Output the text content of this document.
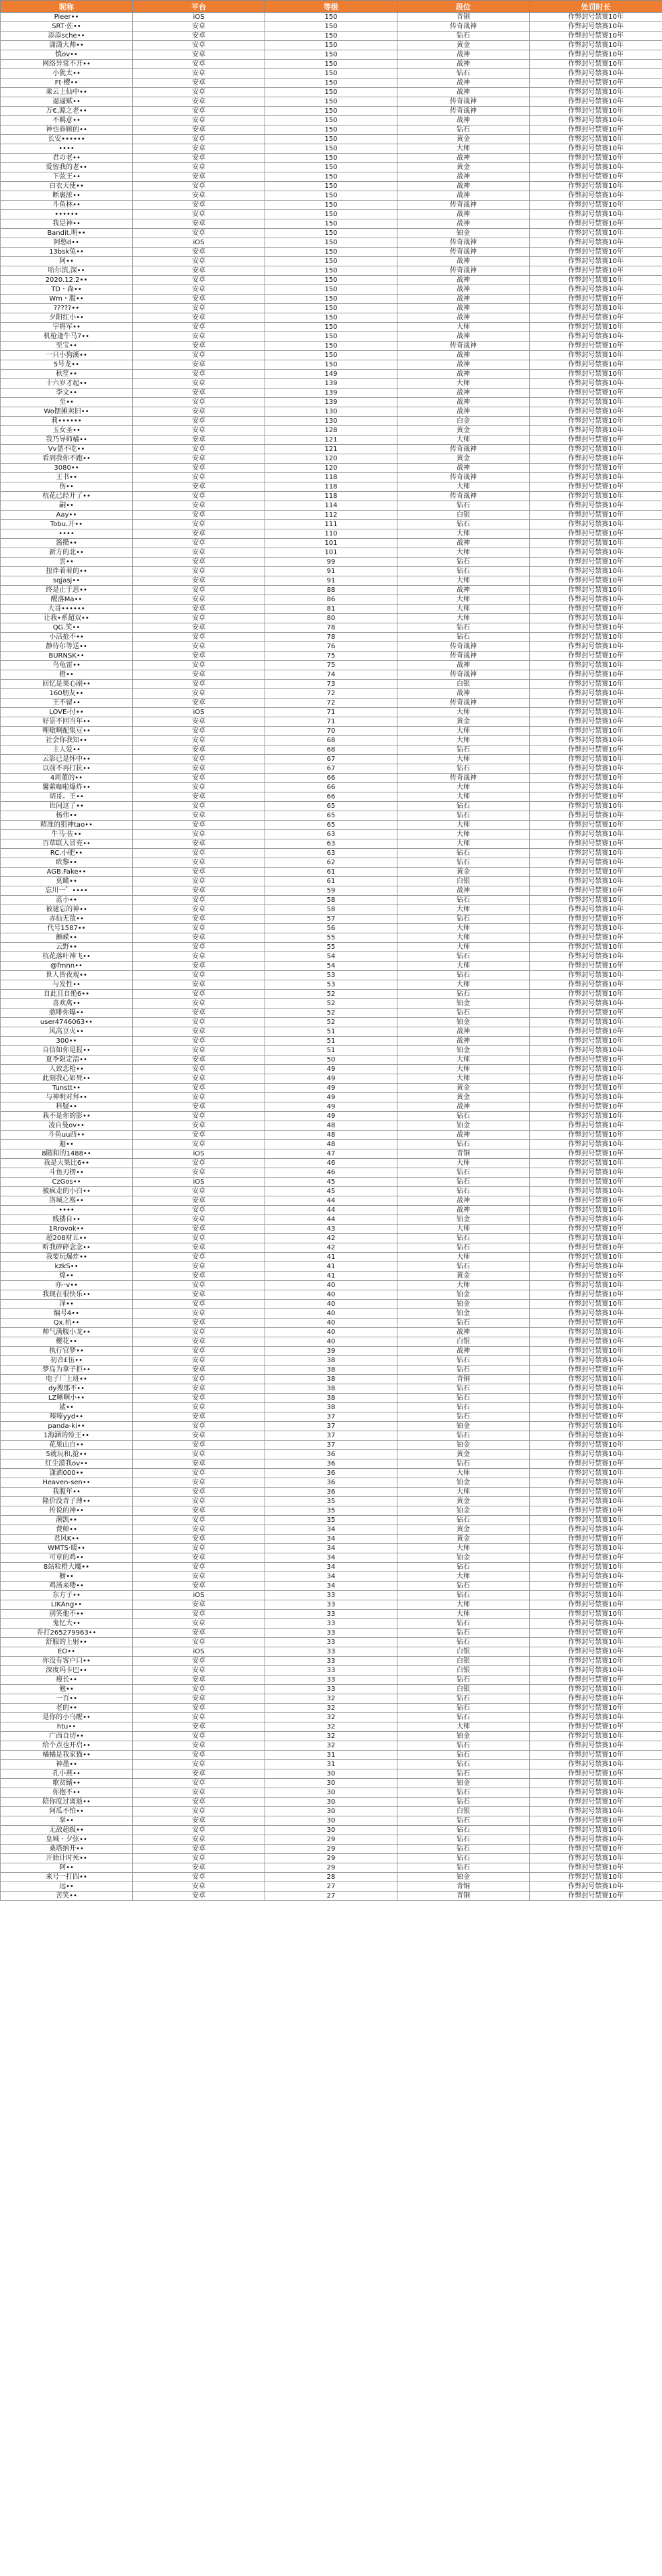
昵称	平台	等级	段位	处罚时长
Pieer••	iOS	150	青铜	作弊封号禁赛10年
SRT·佐••	安卓	150	传奇战神	作弊封号禁赛10年
添添sche••	安卓	150	钻石	作弊封号禁赛10年
潇潇大帅••	安卓	150	黄金	作弊封号禁赛10年
慎ov••	安卓	150	战神	作弊封号禁赛10年
网络异常不开••	安卓	150	战神	作弊封号禁赛10年
小犹太••	安卓	150	钻石	作弊封号禁赛10年
Ft·樱••	安卓	150	战神	作弊封号禁赛10年
乘云上仙中••	安卓	150	战神	作弊封号禁赛10年
逼逼赋••	安卓	150	传奇战神	作弊封号禁赛10年
万€,源之老••	安卓	150	传奇战神	作弊封号禁赛10年
不羁意••	安卓	150	战神	作弊封号禁赛10年
神也眷顾的••	安卓	150	钻石	作弊封号禁赛10年
长安••••••	安卓	150	黄金	作弊封号禁赛10年
••••	安卓	150	大师	作弊封号禁赛10年
君の老••	安卓	150	战神	作弊封号禁赛10年
爱留我的老••	安卓	150	黄金	作弊封号禁赛10年
下弦王••	安卓	150	战神	作弊封号禁赛10年
白衣天使••	安卓	150	战神	作弊封号禁赛10年
断裹浓••	安卓	150	战神	作弊封号禁赛10年
斗鱼林••	安卓	150	传奇战神	作弊封号禁赛10年
••••••	安卓	150	战神	作弊封号禁赛10年
我是神••	安卓	150	战神	作弊封号禁赛10年
Bandit.明••	安卓	150	铂金	作弊封号禁赛10年
阿憨d••	iOS	150	传奇战神	作弊封号禁赛10年
13bsk兔••	安卓	150	传奇战神	作弊封号禁赛10年
阿••	安卓	150	战神	作弊封号禁赛10年
哈尔滨,深••	安卓	150	传奇战神	作弊封号禁赛10年
2020.12.2••	安卓	150	战神	作弊封号禁赛10年
TD・森••	安卓	150	战神	作弊封号禁赛10年
Wm・腹••	安卓	150	战神	作弊封号禁赛10年
?????••	安卓	150	战神	作弊封号禁赛10年
夕阳红小••	安卓	150	战神	作弊封号禁赛10年
宇将军••	安卓	150	大师	作弊封号禁赛10年
机枪逢牛马7••	安卓	150	战神	作弊封号禁赛10年
至宝••	安卓	150	传奇战神	作弊封号禁赛10年
一只小狗溪••	安卓	150	战神	作弊封号禁赛10年
5号龙••	安卓	150	战神	作弊封号禁赛10年
秋笙••	安卓	149	战神	作弊封号禁赛10年
十六岁才起••	安卓	139	大师	作弊封号禁赛10年
李文••	安卓	139	战神	作弊封号禁赛10年
至••	安卓	139	战神	作弊封号禁赛10年
Wo摆摊卖旧••	安卓	130	战神	作弊封号禁赛10年
莉••••••	安卓	130	白金	作弊封号禁赛10年
玉女圣••	安卓	128	黄金	作弊封号禁赛10年
我乃导师橘••	安卓	121	大师	作弊封号禁赛10年
Vv蔷不吃••	安卓	121	传奇战神	作弊封号禁赛10年
看到我你不跑••	安卓	120	黄金	作弊封号禁赛10年
3080••	安卓	120	战神	作弊封号禁赛10年
王书••	安卓	118	传奇战神	作弊封号禁赛10年
伤••	安卓	118	大师	作弊封号禁赛10年
杭花已经开了••	安卓	118	传奇战神	作弊封号禁赛10年
嗣••	安卓	114	钻石	作弊封号禁赛10年
Aay••	安卓	112	白银	作弊封号禁赛10年
Tobu.开••	安卓	111	钻石	作弊封号禁赛10年
••••	安卓	110	大师	作弊封号禁赛10年
酱攒••	安卓	101	战神	作弊封号禁赛10年
新方的北••	安卓	101	大师	作弊封号禁赛10年
雲••	安卓	99	钻石	作弊封号禁赛10年
扭伴着着的••	安卓	91	钻石	作弊封号禁赛10年
sqjasj••	安卓	91	大师	作弊封号禁赛10年
终是止于思••	安卓	88	战神	作弊封号禁赛10年
醒落Ma••	安卓	86	大师	作弊封号禁赛10年
大哥••••••	安卓	81	大师	作弊封号禁赛10年
让我•系超双••	安卓	80	大师	作弊封号禁赛10年
QG.笑••	安卓	78	钻石	作弊封号禁赛10年
小活抢不••	安卓	78	钻石	作弊封号禁赛10年
静待尔等送••	安卓	76	传奇战神	作弊封号禁赛10年
BURNSK••	安卓	75	传奇战神	作弊封号禁赛10年
鸟龟雷••	安卓	75	战神	作弊封号禁赛10年
橙••	安卓	74	传奇战神	作弊封号禁赛10年
回忆是果心剐••	安卓	73	白银	作弊封号禁赛10年
160朋友••	安卓	72	战神	作弊封号禁赛10年
王不留••	安卓	72	传奇战神	作弊封号禁赛10年
LOVE-付••	iOS	71	大师	作弊封号禁赛10年
好景不回当年••	安卓	71	黄金	作弊封号禁赛10年
哩嗷啊配集豆••	安卓	70	大师	作弊封号禁赛10年
社会你我知••	安卓	68	大师	作弊封号禁赛10年
主人爱••	安卓	68	钻石	作弊封号禁赛10年
云影已是怀中••	安卓	67	大师	作弊封号禁赛10年
以前不再打抗••	安卓	67	钻石	作弊封号禁赛10年
4周董的••	安卓	66	传奇战神	作弊封号禁赛10年
馨萦咖啦爆炸••	安卓	66	大师	作弊封号禁赛10年
胡哥。王••	安卓	66	大师	作弊封号禁赛10年
世间这了••	安卓	65	钻石	作弊封号禁赛10年
杨伟••	安卓	65	钻石	作弊封号禁赛10年
精准的狙神tao••	安卓	65	大师	作弊封号禁赛10年
牛马·佐••	安卓	63	大师	作弊封号禁赛10年
百草联入冒充••	安卓	63	大师	作弊封号禁赛10年
RC.小肥••	安卓	63	钻石	作弊封号禁赛10年
欧黎••	安卓	62	钻石	作弊封号禁赛10年
AGB.Fake••	安卓	61	黄金	作弊封号禁赛10年
莫瞰••	安卓	61	白银	作弊封号禁赛10年
忘川一゛••••	安卓	59	战神	作弊封号禁赛10年
蓝小••	安卓	58	钻石	作弊封号禁赛10年
被谜忘的神••	安卓	58	大师	作弊封号禁赛10年
赤仙无敌••	安卓	57	钻石	作弊封号禁赛10年
代号1587••	安卓	56	大师	作弊封号禁赛10年
颤嵘••	安卓	55	大师	作弊封号禁赛10年
云野••	安卓	55	大师	作弊封号禁赛10年
杭花落叶神飞••	安卓	54	钻石	作弊封号禁赛10年
@fmnn••	安卓	54	大师	作弊封号禁赛10年
世人皆夜观••	安卓	53	钻石	作弊封号禁赛10年
与发性••	安卓	53	大师	作弊封号禁赛10年
自此且自绝6••	安卓	52	钻石	作弊封号禁赛10年
喜欢禽••	安卓	52	铂金	作弊封号禁赛10年
憨啡你曝••	安卓	52	钻石	作弊封号禁赛10年
user4746063••	安卓	52	铂金	作弊封号禁赛10年
风高豆火••	安卓	51	战神	作弊封号禁赛10年
300••	安卓	51	战神	作弊封号禁赛10年
自信如你是报••	安卓	51	铂金	作弊封号禁赛10年
夏季限定清••	安卓	50	大师	作弊封号禁赛10年
人致恋枪••	安卓	49	大师	作弊封号禁赛10年
此刻我心如死••	安卓	49	大师	作弊封号禁赛10年
Tunstt••	安卓	49	黄金	作弊封号禁赛10年
与神明对拜••	安卓	49	黄金	作弊封号禁赛10年
科疑••	安卓	49	战神	作弊封号禁赛10年
我不是你的影••	安卓	49	钻石	作弊封号禁赛10年
凌自曼ov••	安卓	48	铂金	作弊封号禁赛10年
斗鱼uu西••	安卓	48	战神	作弊封号禁赛10年
避••	安卓	48	钻石	作弊封号禁赛10年
8随和的1488••	iOS	47	青铜	作弊封号禁赛10年
我是大果比6••	安卓	46	大师	作弊封号禁赛10年
斗鱼刃楞••	安卓	46	钻石	作弊封号禁赛10年
CzGos••	iOS	45	钻石	作弊封号禁赛10年
被疯走的小白••	安卓	45	钻石	作弊封号禁赛10年
洛城之殇••	安卓	44	战神	作弊封号禁赛10年
••••	安卓	44	战神	作弊封号禁赛10年
贱搂自••	安卓	44	铂金	作弊封号禁赛10年
1Rrovok••	安卓	43	大师	作弊封号禁赛10年
超208财五••	安卓	42	钻石	作弊封号禁赛10年
听我碎碎念念••	安卓	42	钻石	作弊封号禁赛10年
我要玩爆炸••	安卓	41	大师	作弊封号禁赛10年
kzkS••	安卓	41	钻石	作弊封号禁赛10年
煌••	安卓	41	黄金	作弊封号禁赛10年
亦··v••	安卓	40	大师	作弊封号禁赛10年
我现在很快乐••	安卓	40	铂金	作弊封号禁赛10年
泽••	安卓	40	铂金	作弊封号禁赛10年
编号4••	安卓	40	铂金	作弊封号禁赛10年
Qx.杭••	安卓	40	钻石	作弊封号禁赛10年
帅气满腹小龙••	安卓	40	战神	作弊封号禁赛10年
樱花••	安卓	40	白银	作弊封号禁赛10年
执行官梦••	安卓	39	战神	作弊封号禁赛10年
初音£伍••	安卓	38	钻石	作弊封号禁赛10年
梦岛为拿子拒••	安卓	38	钻石	作弊封号禁赛10年
电子厂上班••	安卓	38	青铜	作弊封号禁赛10年
dy搜那不••	安卓	38	钻石	作弊封号禁赛10年
LZ晰啊小••	安卓	38	钻石	作弊封号禁赛10年
鲨••	安卓	38	钻石	作弊封号禁赛10年
嗪嗪yyd••	安卓	37	钻石	作弊封号禁赛10年
panda-ki••	安卓	37	铂金	作弊封号禁赛10年
1海涵的殓王••	安卓	37	钻石	作弊封号禁赛10年
花果山自••	安卓	37	铂金	作弊封号禁赛10年
5就玩和,抢••	安卓	36	黄金	作弊封号禁赛10年
红尘漠我ov••	安卓	36	钻石	作弊封号禁赛10年
潇洒000••	安卓	36	大师	作弊封号禁赛10年
Heaven-sen••	安卓	36	铂金	作弊封号禁赛10年
我腹年••	安卓	36	大师	作弊封号禁赛10年
隆价没青子薄••	安卓	35	黄金	作弊封号禁赛10年
传说的神••	安卓	35	铂金	作弊封号禁赛10年
潮凯••	安卓	35	钻石	作弊封号禁赛10年
费帅••	安卓	34	黄金	作弊封号禁赛10年
君风K••	安卓	34	黄金	作弊封号禁赛10年
WMTS·暖••	安卓	34	大师	作弊封号禁赛10年
可章的鸡••	安卓	34	铂金	作弊封号禁赛10年
8站粒橙大魔••	安卓	34	钻石	作弊封号禁赛10年
橱••	安卓	34	大师	作弊封号禁赛10年
鸡汤来喽••	安卓	34	钻石	作弊封号禁赛10年
东方子••	iOS	33	钻石	作弊封号禁赛10年
LIKAng••	安卓	33	大师	作弊封号禁赛10年
别笑他不••	安卓	33	大师	作弊封号禁赛10年
鬼忆大••	安卓	33	钻石	作弊封号禁赛10年
乔打265279963••	安卓	33	钻石	作弊封号禁赛10年
舒服的上射••	安卓	33	钻石	作弊封号禁赛10年
EO••	iOS	33	白银	作弊封号禁赛10年
你没有客户口••	安卓	33	白银	作弊封号禁赛10年
深度玛卡巴••	安卓	33	白银	作弊封号禁赛10年
瘦长••	安卓	33	钻石	作弊封号禁赛10年
勉••	安卓	33	白银	作弊封号禁赛10年
一百••	安卓	32	钻石	作弊封号禁赛10年
老的••	安卓	32	钻石	作弊封号禁赛10年
是你的小乌醒••	安卓	32	钻石	作弊封号禁赛10年
htu••	安卓	32	大师	作弊封号禁赛10年
广西自切••	安卓	32	铂金	作弊封号禁赛10年
给个点也开启••	安卓	32	钻石	作弊封号禁赛10年
橘橘是我家猫••	安卓	31	钻石	作弊封号禁赛10年
神墨••	安卓	31	钻石	作弊封号禁赛10年
孔小燕••	安卓	30	钻石	作弊封号禁赛10年
歌贫鳍••	安卓	30	铂金	作弊封号禁赛10年
你抱不••	安卓	30	钻石	作弊封号禁赛10年
陪你度过离逝••	安卓	30	钻石	作弊封号禁赛10年
阿瓜不怕••	安卓	30	白银	作弊封号禁赛10年
掌••	安卓	30	钻石	作弊封号禁赛10年
无敌超级••	安卓	30	钻石	作弊封号禁赛10年
皇城・夕弦••	安卓	29	钻石	作弊封号禁赛10年
桑塔纳开••	安卓	29	钻石	作弊封号禁赛10年
开始计时死••	安卓	29	钻石	作弊封号禁赛10年
阿••	安卓	29	钻石	作弊封号禁赛10年
来号一打四••	安卓	28	铂金	作弊封号禁赛10年
远••	安卓	27	青铜	作弊封号禁赛10年
苦笑••	安卓	27	青铜	作弊封号禁赛10年
